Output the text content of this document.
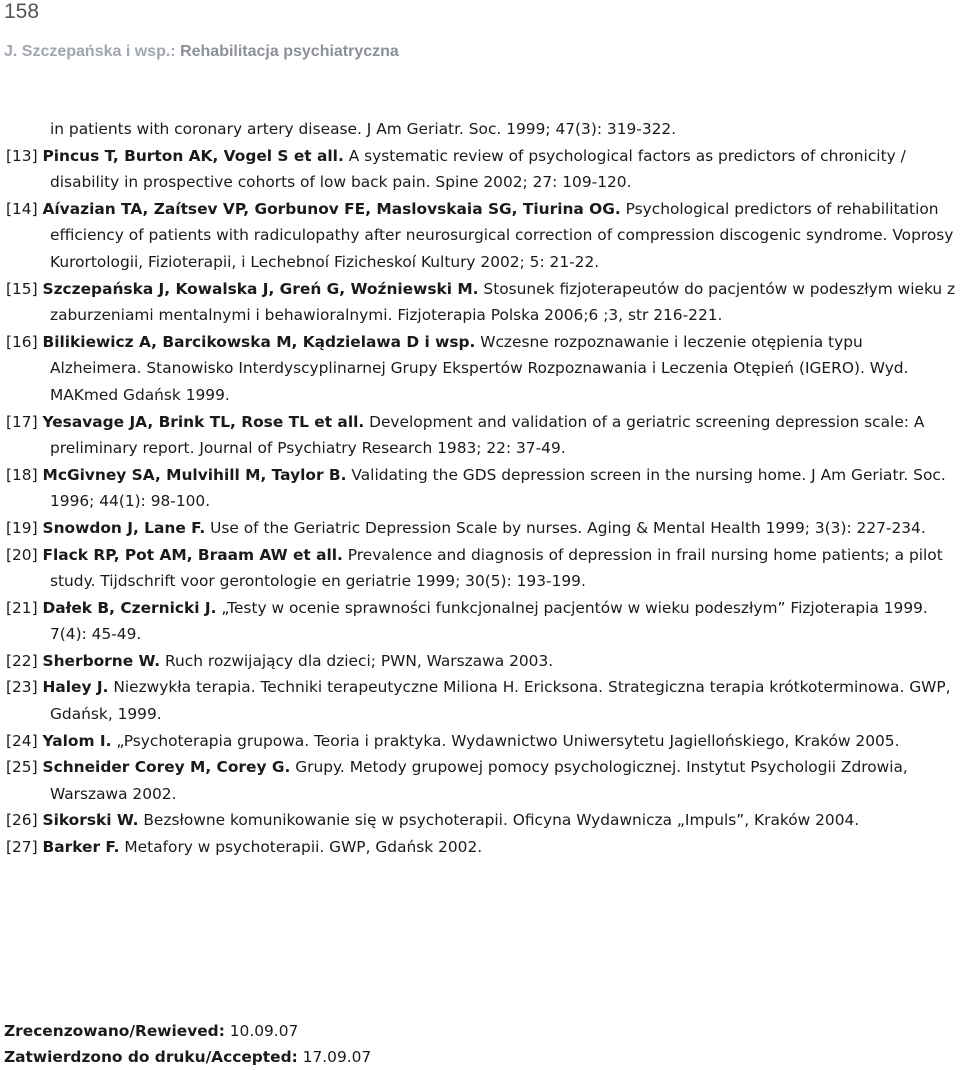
158
J. Szczepańska i wsp.: Rehabilitacja psychiatryczna
in patients with coronary artery disease. J Am Geriatr. Soc. 1999; 47(3): 319-322.
[13] Pincus T, Burton AK, Vogel S et all. A systematic review of psychological factors as predictors of chronicity / disability in prospective cohorts of low back pain. Spine 2002; 27: 109-120.
[14] Aívazian TA, Zaítsev VP, Gorbunov FE, Maslovskaia SG, Tiurina OG. Psychological predictors of rehabilitation efficiency of patients with radiculopathy after neurosurgical correction of compression discogenic syndrome. Voprosy Kurortologii, Fizioterapii, i Lechebnoí Fizicheskoí Kultury 2002; 5: 21-22.
[15] Szczepańska J, Kowalska J, Greń G, Woźniewski M. Stosunek fizjoterapeutów do pacjentów w podeszłym wieku z zaburzeniami mentalnymi i behawioralnymi. Fizjoterapia Polska 2006;6 ;3, str 216-221.
[16] Bilikiewicz A, Barcikowska M, Kądzielawa D i wsp. Wczesne rozpoznawanie i leczenie otępienia typu Alzheimera. Stanowisko Interdyscyplinarnej Grupy Ekspertów Rozpoznawania i Leczenia Otępień (IGERO). Wyd. MAKmed Gdańsk 1999.
[17] Yesavage JA, Brink TL, Rose TL et all. Development and validation of a geriatric screening depression scale: A preliminary report. Journal of Psychiatry Research 1983; 22: 37-49.
[18] McGivney SA, Mulvihill M, Taylor B. Validating the GDS depression screen in the nursing home. J Am Geriatr. Soc. 1996; 44(1): 98-100.
[19] Snowdon J, Lane F. Use of the Geriatric Depression Scale by nurses. Aging & Mental Health 1999; 3(3): 227-234.
[20] Flack RP, Pot AM, Braam AW et all. Prevalence and diagnosis of depression in frail nursing home patients; a pilot study. Tijdschrift voor gerontologie en geriatrie 1999; 30(5): 193-199.
[21] Dałek B, Czernicki J. „Testy w ocenie sprawności funkcjonalnej pacjentów w wieku podeszłym” Fizjoterapia 1999. 7(4): 45-49.
[22] Sherborne W. Ruch rozwijający dla dzieci; PWN, Warszawa 2003.
[23] Haley J. Niezwykła terapia. Techniki terapeutyczne Miliona H. Ericksona. Strategiczna terapia krótkoterminowa. GWP, Gdańsk, 1999.
[24] Yalom I. „Psychoterapia grupowa. Teoria i praktyka. Wydawnictwo Uniwersytetu Jagiellońskiego, Kraków 2005.
[25] Schneider Corey M, Corey G. Grupy. Metody grupowej pomocy psychologicznej. Instytut Psychologii Zdrowia, Warszawa 2002.
[26] Sikorski W. Bezsłowne komunikowanie się w psychoterapii. Oficyna Wydawnicza „Impuls”, Kraków 2004.
[27] Barker F. Metafory w psychoterapii. GWP, Gdańsk 2002.
Zrecenzowano/Rewieved: 10.09.07
Zatwierdzono do druku/Accepted: 17.09.07
